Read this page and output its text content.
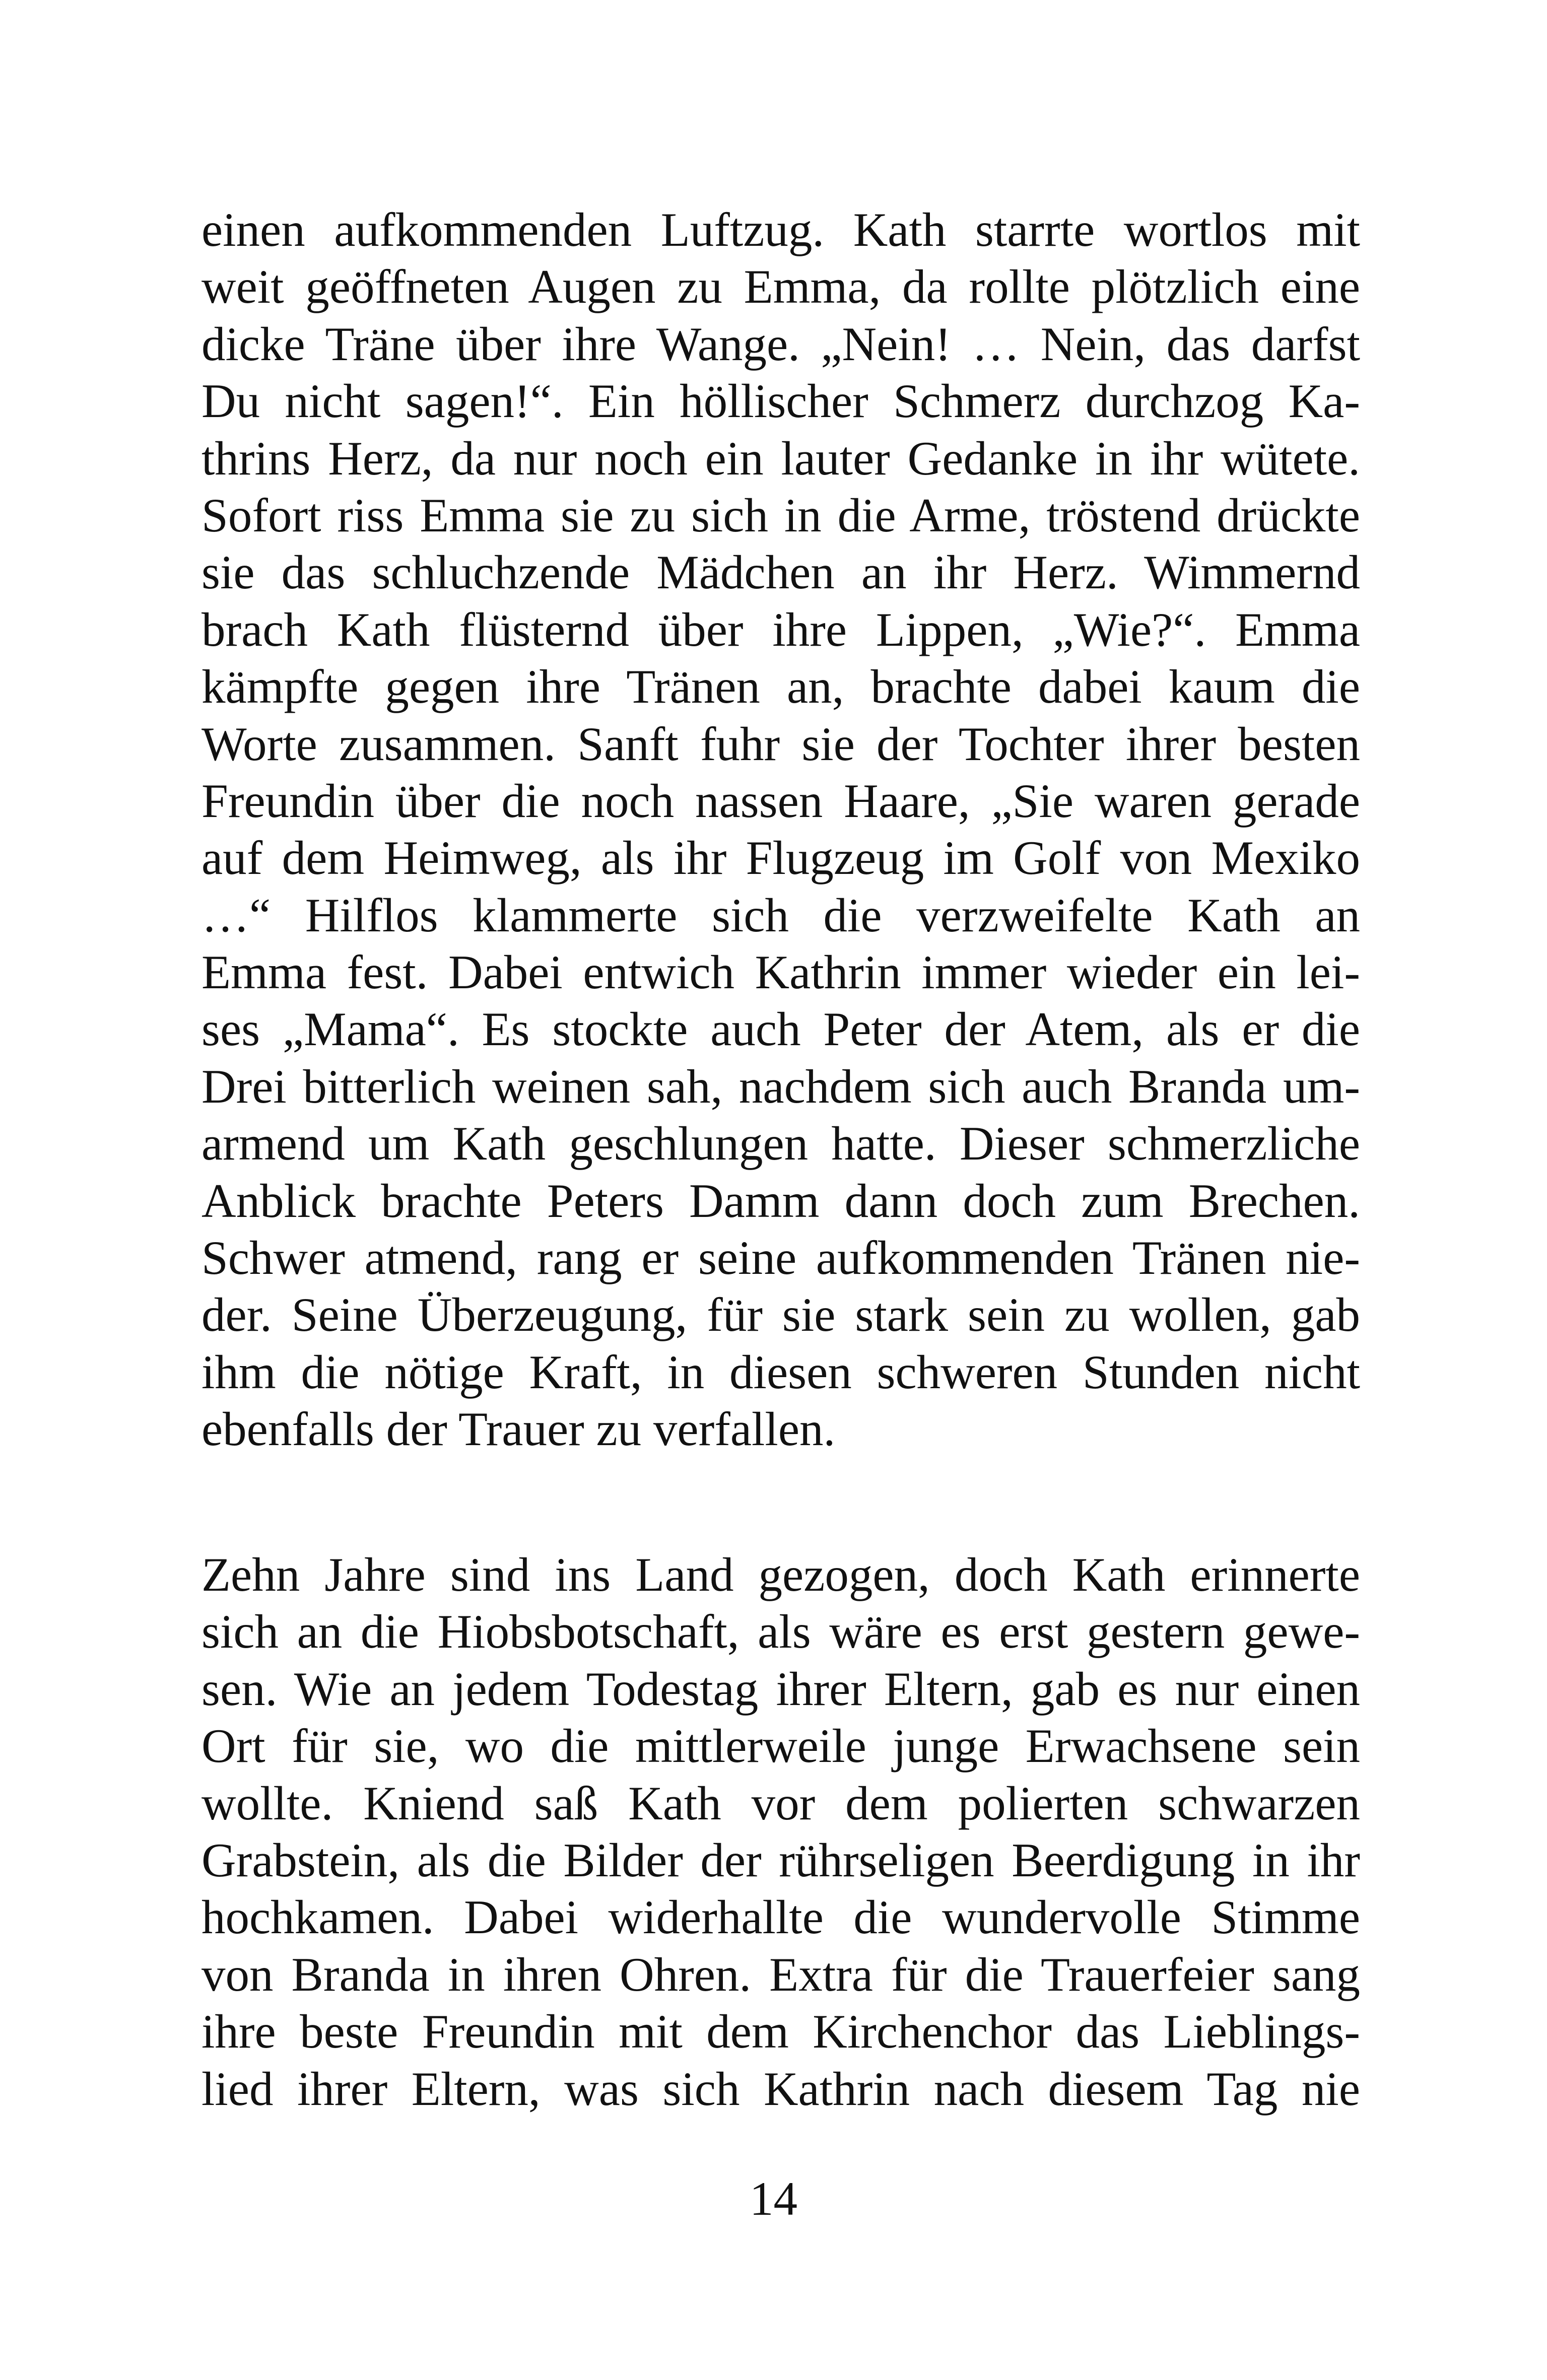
einen aufkommenden Luftzug. Kath starrte wortlos mit
weit geöffneten Augen zu Emma, da rollte plötzlich eine
dicke Träne über ihre Wange. „Nein! … Nein, das darfst
Du nicht sagen!“. Ein höllischer Schmerz durchzog Ka-
thrins Herz, da nur noch ein lauter Gedanke in ihr wütete.
Sofort riss Emma sie zu sich in die Arme, tröstend drückte
sie das schluchzende Mädchen an ihr Herz. Wimmernd
brach Kath flüsternd über ihre Lippen, „Wie?“. Emma
kämpfte gegen ihre Tränen an, brachte dabei kaum die
Worte zusammen. Sanft fuhr sie der Tochter ihrer besten
Freundin über die noch nassen Haare, „Sie waren gerade
auf dem Heimweg, als ihr Flugzeug im Golf von Mexiko
…“ Hilflos klammerte sich die verzweifelte Kath an
Emma fest. Dabei entwich Kathrin immer wieder ein lei-
ses „Mama“. Es stockte auch Peter der Atem, als er die
Drei bitterlich weinen sah, nachdem sich auch Branda um-
armend um Kath geschlungen hatte. Dieser schmerzliche
Anblick brachte Peters Damm dann doch zum Brechen.
Schwer atmend, rang er seine aufkommenden Tränen nie-
der. Seine Überzeugung, für sie stark sein zu wollen, gab
ihm die nötige Kraft, in diesen schweren Stunden nicht
ebenfalls der Trauer zu verfallen.
Zehn Jahre sind ins Land gezogen, doch Kath erinnerte
sich an die Hiobsbotschaft, als wäre es erst gestern gewe-
sen. Wie an jedem Todestag ihrer Eltern, gab es nur einen
Ort für sie, wo die mittlerweile junge Erwachsene sein
wollte. Kniend saß Kath vor dem polierten schwarzen
Grabstein, als die Bilder der rührseligen Beerdigung in ihr
hochkamen. Dabei widerhallte die wundervolle Stimme
von Branda in ihren Ohren. Extra für die Trauerfeier sang
ihre beste Freundin mit dem Kirchenchor das Lieblings-
lied ihrer Eltern, was sich Kathrin nach diesem Tag nie
14
